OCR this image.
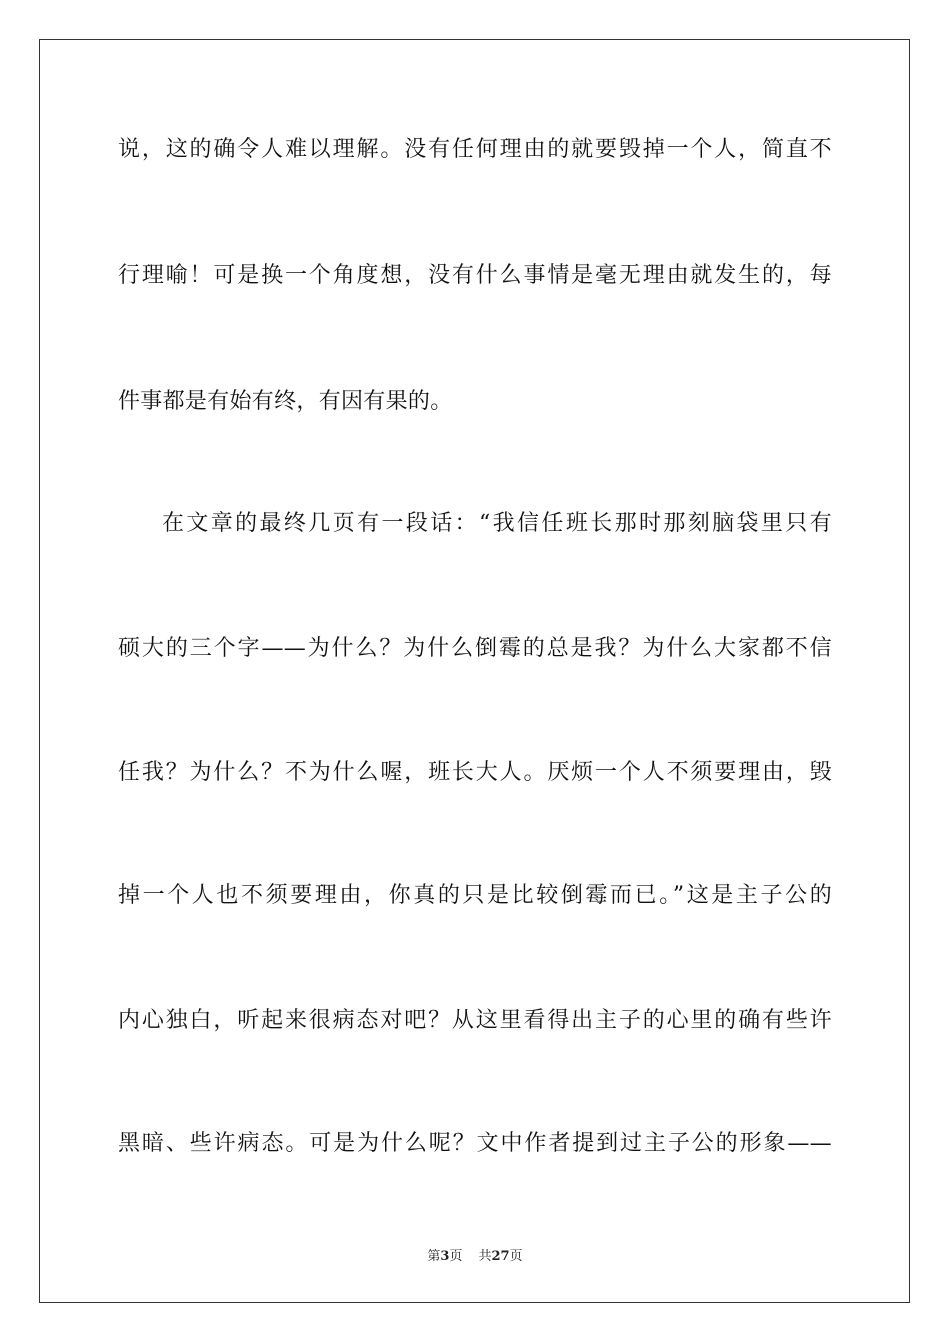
说，这的确令人难以理解。没有任何理由的就要毁掉一个人，简直不
行理喻！可是换一个角度想，没有什么事情是毫无理由就发生的，每
件事都是有始有终，有因有果的。
在文章的最终几页有一段话：“我信任班长那时那刻脑袋里只有
硕大的三个字——为什么？为什么倒霉的总是我？为什么大家都不信
任我？为什么？不为什么喔，班长大人。厌烦一个人不须要理由，毁
掉一个人也不须要理由，你真的只是比较倒霉而已。”这是主子公的
内心独白，听起来很病态对吧？从这里看得出主子的心里的确有些许
黑暗、些许病态。可是为什么呢？文中作者提到过主子公的形象——
第3页 共27页
